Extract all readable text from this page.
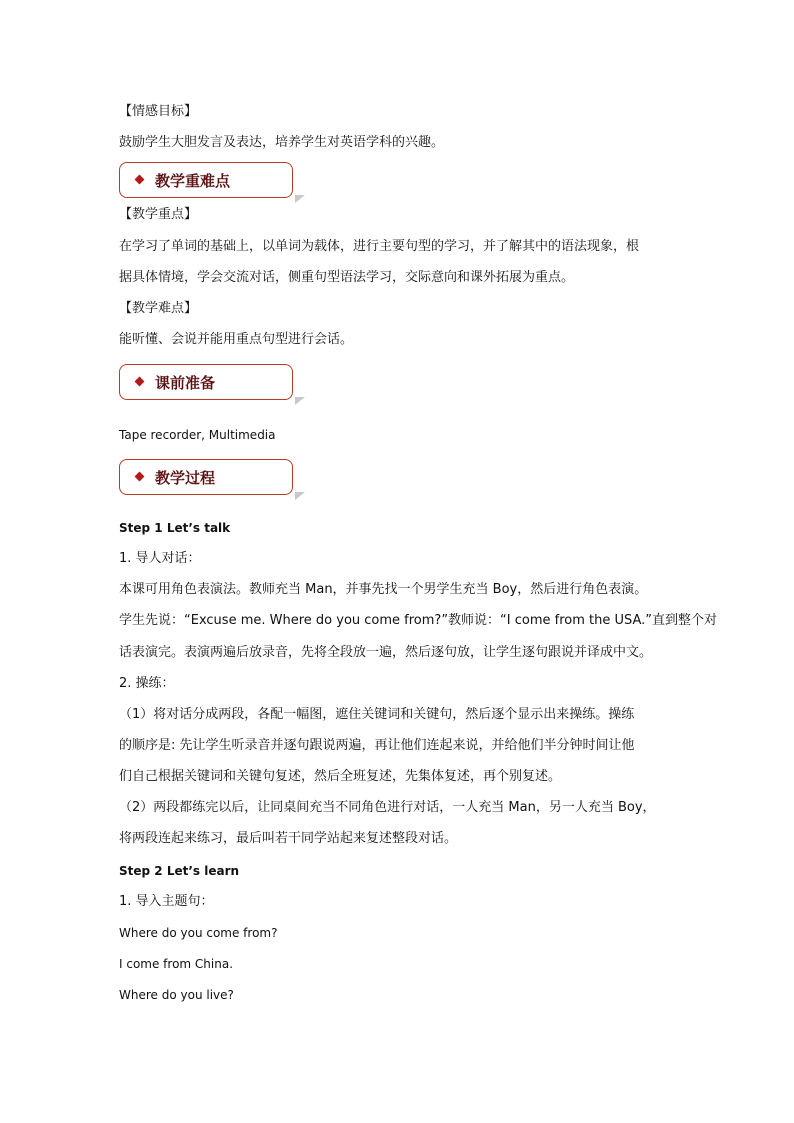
【情感目标】
鼓励学生大胆发言及表达，培养学生对英语学科的兴趣。
教学重难点
【教学重点】
在学习了单词的基础上，以单词为载体，进行主要句型的学习，并了解其中的语法现象，根
据具体情境，学会交流对话，侧重句型语法学习，交际意向和课外拓展为重点。
【教学难点】
能听懂、会说并能用重点句型进行会话。
课前准备
Tape recorder, Multimedia
教学过程
Step 1 Let’s talk
1. 导人对话：
本课可用角色表演法。教师充当 Man，并事先找一个男学生充当 Boy，然后进行角色表演。
学生先说：“Excuse me. Where do you come from?”教师说：“I come from the USA.”直到整个对
话表演完。表演两遍后放录音，先将全段放一遍，然后逐句放，让学生逐句跟说并译成中文。
2. 操练：
（1）将对话分成两段，各配一幅图，遮住关键词和关键句，然后逐个显示出来操练。操练
的顺序是: 先让学生听录音并逐句跟说两遍，再让他们连起来说，并给他们半分钟时间让他
们自己根据关键词和关键句复述，然后全班复述，先集体复述，再个别复述。
（2）两段都练完以后，让同桌间充当不同角色进行对话，一人充当 Man，另一人充当 Boy，
将两段连起来练习，最后叫若干同学站起来复述整段对话。
Step 2 Let’s learn
1. 导入主题句：
Where do you come from?
I come from China.
Where do you live?
